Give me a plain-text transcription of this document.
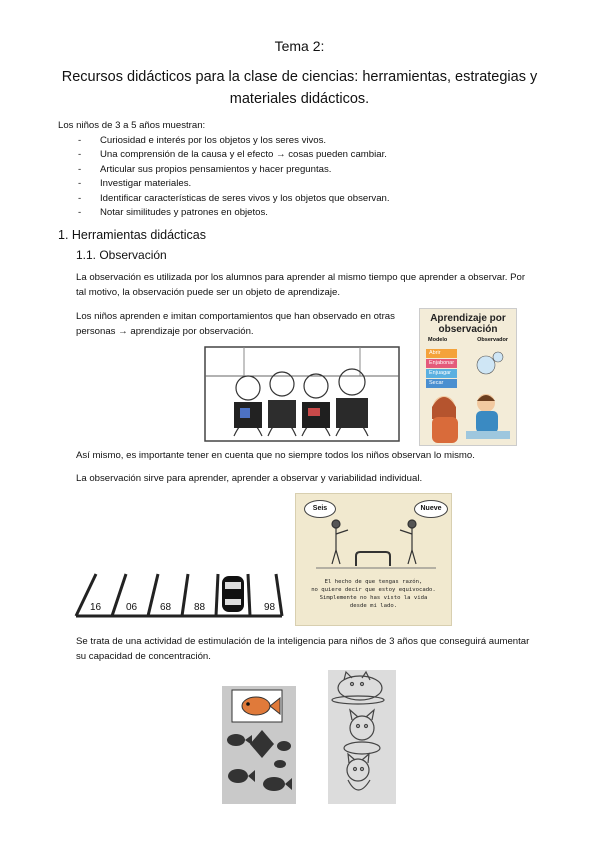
Tema 2:
Recursos didácticos para la clase de ciencias: herramientas, estrategias y
materiales didácticos.
Los niños de 3 a 5 años muestran:
- Curiosidad e interés por los objetos y los seres vivos.
- Una comprensión de la causa y el efecto → cosas pueden cambiar.
- Articular sus propios pensamientos y hacer preguntas.
- Investigar materiales.
- Identificar características de seres vivos y los objetos que observan.
- Notar similitudes y patrones en objetos.
1. Herramientas didácticas
1.1. Observación
La observación es utilizada por los alumnos para aprender al mismo tiempo que aprender a observar. Por
tal motivo, la observación puede ser un objeto de aprendizaje.
Los niños aprenden e imitan comportamientos que han observado en otras
personas → aprendizaje por observación.
Aprendizaje por
observación
Modelo	Observador
Abrir
Enjabonar
Enjuagar
Secar
Así mismo, es importante tener en cuenta que no siempre todos los niños observan lo mismo.
La observación sirve para aprender, aprender a observar y variabilidad individual.
16 06 68 88	98
Seis	Nueve
El hecho de que tengas razón,
no quiere decir que estoy equivocado.
Simplemente no has visto la vida
desde mi lado.
Se trata de una actividad de estimulación de la inteligencia para niños de 3 años que conseguirá aumentar
su capacidad de concentración.
